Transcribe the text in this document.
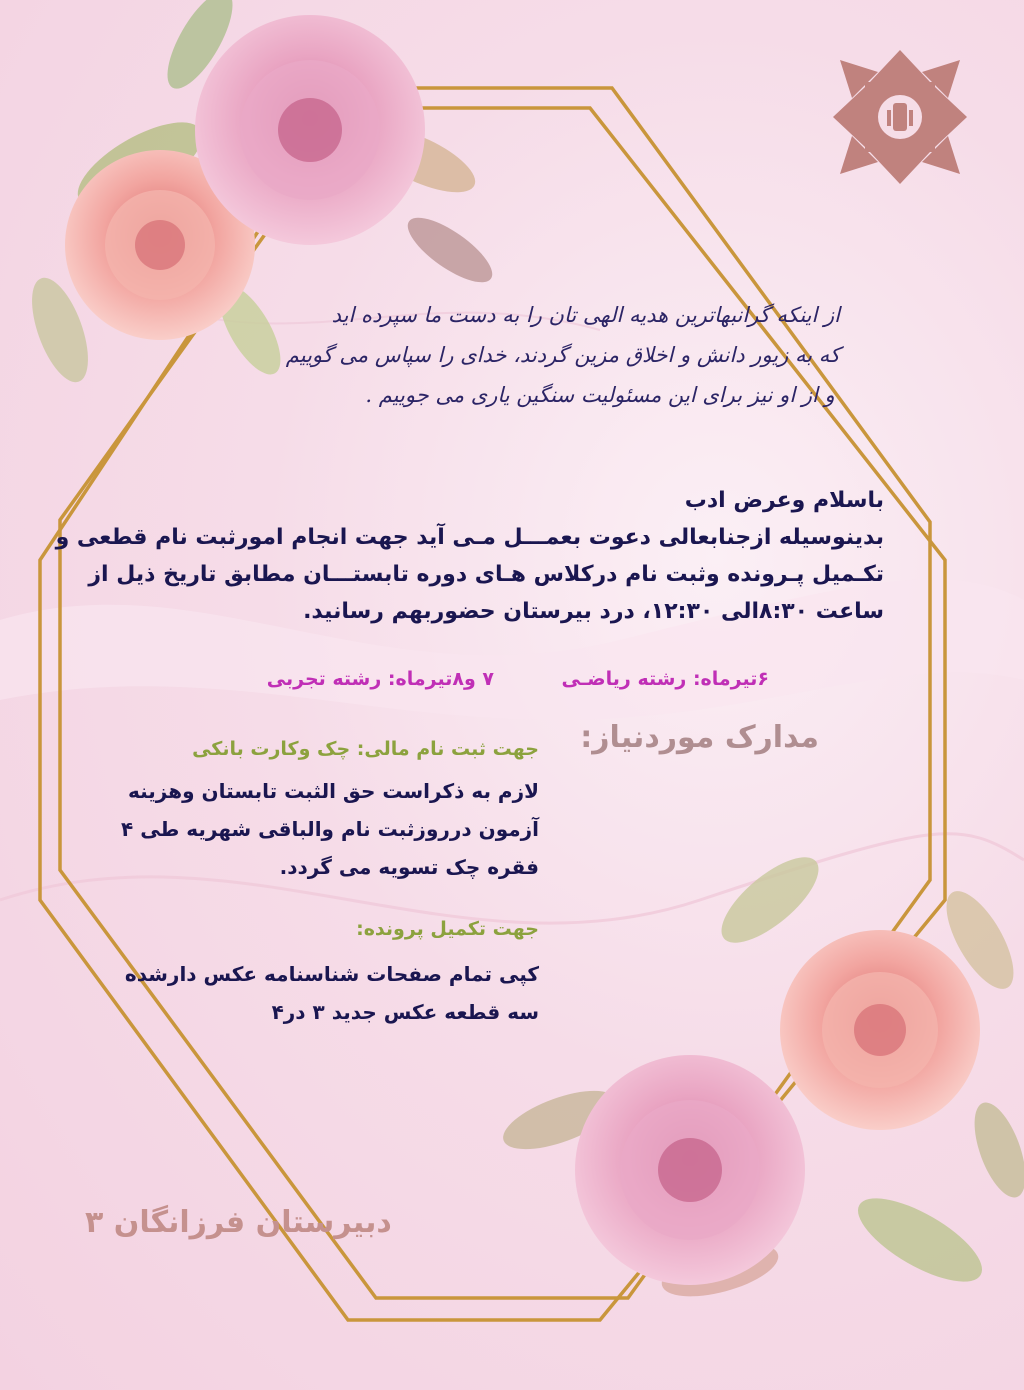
از اینکه گرانبهاترین هدیه الهی تان را به دست ما سپرده اید
که به زیور دانش و اخلاق مزین گردند، خدای را سپاس می گوییم
و از او نیز برای این مسئولیت سنگین یاری می جوییم .
باسلام وعرض ادب
بدینوسیله ازجنابعالی دعوت بعمـــل مـی آید جهت انجام امورثبت نام قطعی و
تکـمیل پـرونده وثبت نام درکلاس هـای دوره تابستـــان مطابق تاریخ ذیل از
ساعت ۸:۳۰الی ۱۲:۳۰، درد بیرستان حضوربهم رسانید.
۶تیرماه: رشته ریاضـی
۷ و۸تیرماه: رشته تجربی
مدارک موردنیاز:
جهت ثبت نام مالی: چک وکارت بانکی
لازم به ذکراست حق الثبت تابستان وهزینه
آزمون درروزثبت نام والباقی شهریه طی ۴
فقره چک تسویه می گردد.
جهت تکمیل پرونده:
کپی تمام صفحات شناسنامه عکس دارشده
سه قطعه عکس جدید ۳ در۴
دبیرستان فرزانگان ۳
